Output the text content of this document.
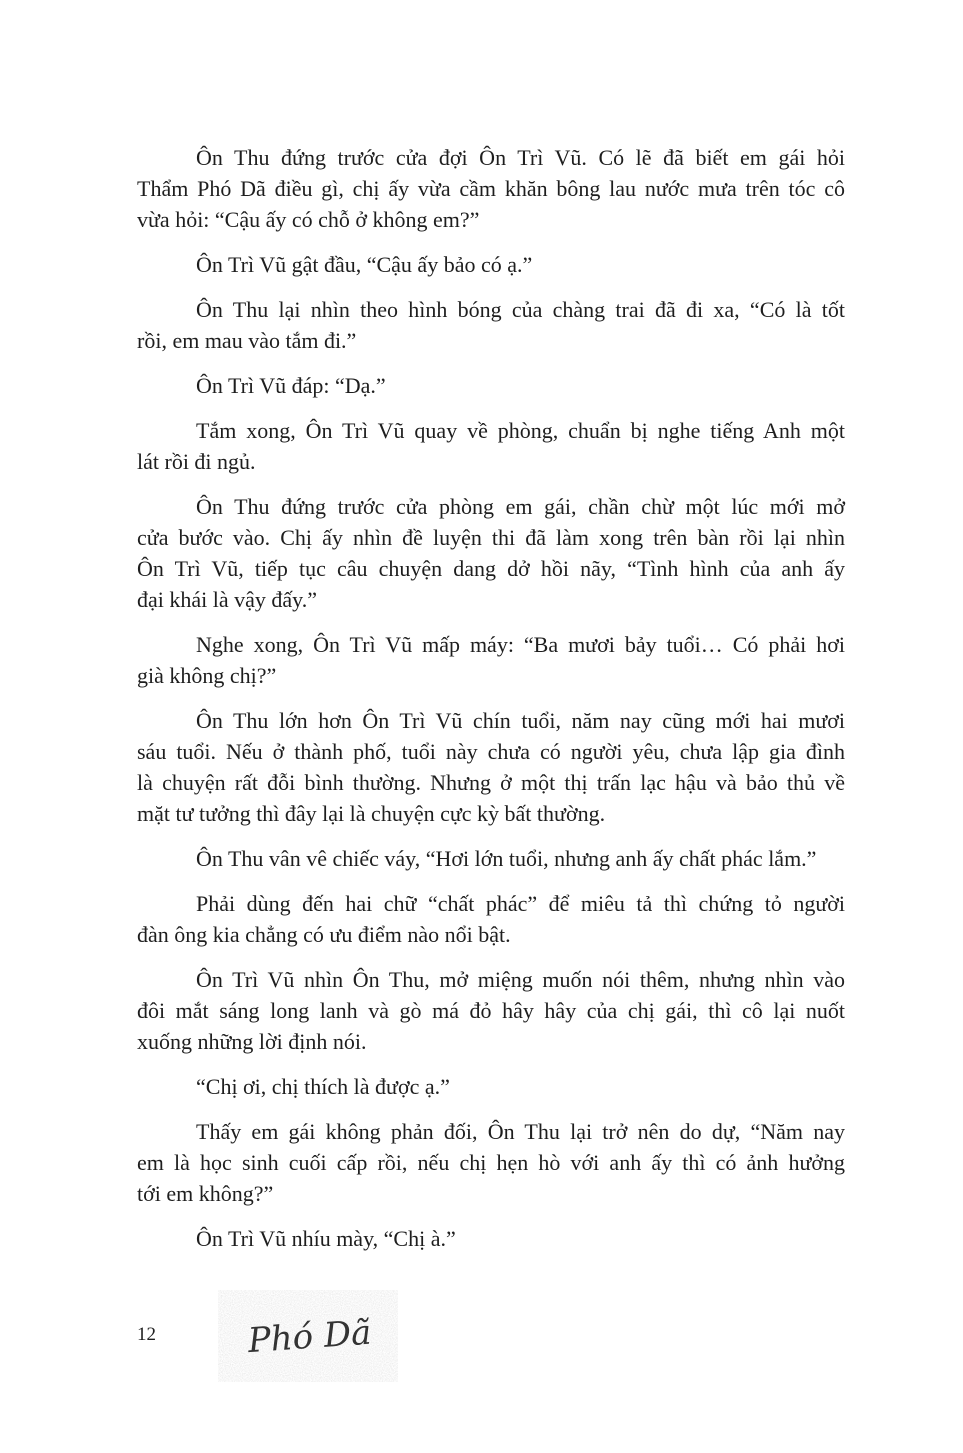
Ôn Thu đứng trước cửa đợi Ôn Trì Vũ. Có lẽ đã biết em gái hỏi
Thẩm Phó Dã điều gì, chị ấy vừa cầm khăn bông lau nước mưa trên tóc cô
vừa hỏi: “Cậu ấy có chỗ ở không em?”
Ôn Trì Vũ gật đầu, “Cậu ấy bảo có ạ.”
Ôn Thu lại nhìn theo hình bóng của chàng trai đã đi xa, “Có là tốt
rồi, em mau vào tắm đi.”
Ôn Trì Vũ đáp: “Dạ.”
Tắm xong, Ôn Trì Vũ quay về phòng, chuẩn bị nghe tiếng Anh một
lát rồi đi ngủ.
Ôn Thu đứng trước cửa phòng em gái, chần chừ một lúc mới mở
cửa bước vào. Chị ấy nhìn đề luyện thi đã làm xong trên bàn rồi lại nhìn
Ôn Trì Vũ, tiếp tục câu chuyện dang dở hồi nãy, “Tình hình của anh ấy
đại khái là vậy đấy.”
Nghe xong, Ôn Trì Vũ mấp máy: “Ba mươi bảy tuổi… Có phải hơi
già không chị?”
Ôn Thu lớn hơn Ôn Trì Vũ chín tuổi, năm nay cũng mới hai mươi
sáu tuổi. Nếu ở thành phố, tuổi này chưa có người yêu, chưa lập gia đình
là chuyện rất đỗi bình thường. Nhưng ở một thị trấn lạc hậu và bảo thủ về
mặt tư tưởng thì đây lại là chuyện cực kỳ bất thường.
Ôn Thu vân vê chiếc váy, “Hơi lớn tuổi, nhưng anh ấy chất phác lắm.”
Phải dùng đến hai chữ “chất phác” để miêu tả thì chứng tỏ người
đàn ông kia chẳng có ưu điểm nào nổi bật.
Ôn Trì Vũ nhìn Ôn Thu, mở miệng muốn nói thêm, nhưng nhìn vào
đôi mắt sáng long lanh và gò má đỏ hây hây của chị gái, thì cô lại nuốt
xuống những lời định nói.
“Chị ơi, chị thích là được ạ.”
Thấy em gái không phản đối, Ôn Thu lại trở nên do dự, “Năm nay
em là học sinh cuối cấp rồi, nếu chị hẹn hò với anh ấy thì có ảnh hưởng
tới em không?”
Ôn Trì Vũ nhíu mày, “Chị à.”
12	Phó Dã
